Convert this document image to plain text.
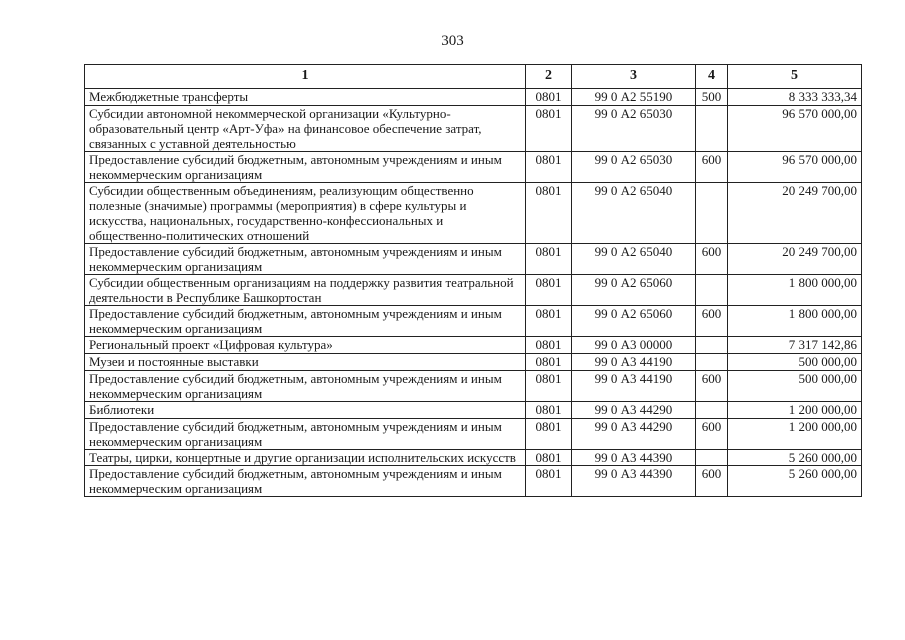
303
1	2	3	4	5
Межбюджетные трансферты	0801	99 0 А2 55190	500	8 333 333,34
Субсидии автономной некоммерческой организации «Культурно-образовательный центр «Арт-Уфа» на финансовое обеспечение затрат, связанных с уставной деятельностью	0801	99 0 А2 65030		96 570 000,00
Предоставление субсидий бюджетным, автономным учреждениям и иным некоммерческим организациям	0801	99 0 А2 65030	600	96 570 000,00
Субсидии общественным объединениям, реализующим общественно полезные (значимые) программы (мероприятия) в сфере культуры и искусства, национальных, государственно-конфессиональных и общественно-политических отношений	0801	99 0 А2 65040		20 249 700,00
Предоставление субсидий бюджетным, автономным учреждениям и иным некоммерческим организациям	0801	99 0 А2 65040	600	20 249 700,00
Субсидии общественным организациям на поддержку развития театральной деятельности в Республике Башкортостан	0801	99 0 А2 65060		1 800 000,00
Предоставление субсидий бюджетным, автономным учреждениям и иным некоммерческим организациям	0801	99 0 А2 65060	600	1 800 000,00
Региональный проект «Цифровая культура»	0801	99 0 А3 00000		7 317 142,86
Музеи и постоянные выставки	0801	99 0 А3 44190		500 000,00
Предоставление субсидий бюджетным, автономным учреждениям и иным некоммерческим организациям	0801	99 0 А3 44190	600	500 000,00
Библиотеки	0801	99 0 А3 44290		1 200 000,00
Предоставление субсидий бюджетным, автономным учреждениям и иным некоммерческим организациям	0801	99 0 А3 44290	600	1 200 000,00
Театры, цирки, концертные и другие организации исполнительских искусств	0801	99 0 А3 44390		5 260 000,00
Предоставление субсидий бюджетным, автономным учреждениям и иным некоммерческим организациям	0801	99 0 А3 44390	600	5 260 000,00
